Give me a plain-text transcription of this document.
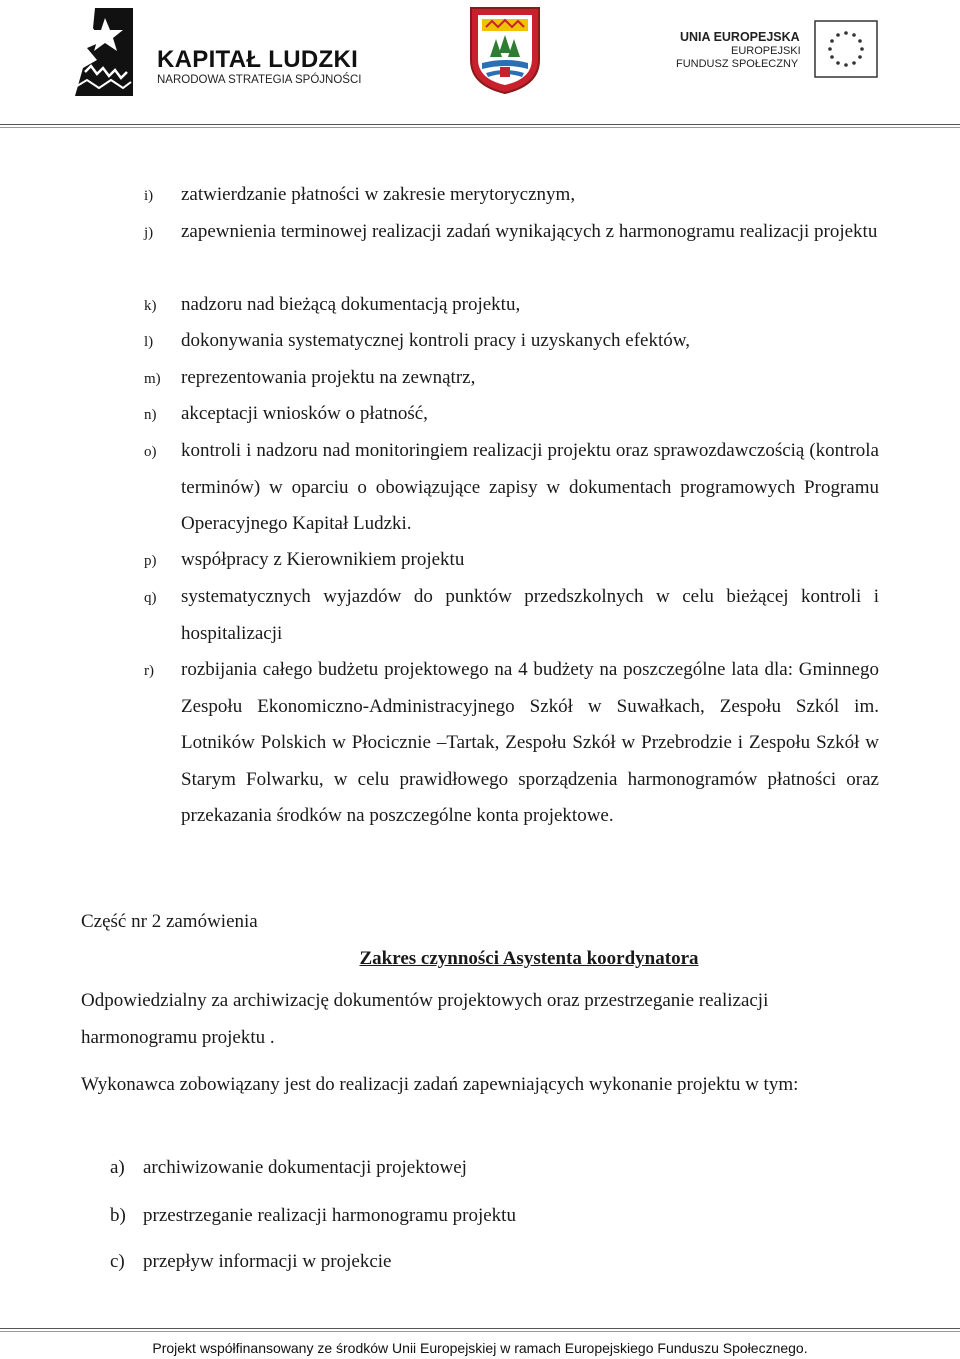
KAPITAŁ LUDZKI
NARODOWA STRATEGIA SPÓJNOŚCI
UNIA EUROPEJSKA
EUROPEJSKI
FUNDUSZ SPOŁECZNY
i) zatwierdzanie płatności w zakresie merytorycznym,
j) zapewnienia terminowej realizacji zadań wynikających z harmonogramu realizacji projektu
k) nadzoru nad bieżącą dokumentacją projektu,
l) dokonywania systematycznej kontroli pracy i uzyskanych efektów,
m) reprezentowania projektu na zewnątrz,
n) akceptacji wniosków o płatność,
o) kontroli i nadzoru nad monitoringiem realizacji projektu oraz sprawozdawczością (kontrola terminów) w oparciu o obowiązujące zapisy w dokumentach programowych Programu Operacyjnego Kapitał Ludzki.
p) współpracy z Kierownikiem projektu
q) systematycznych wyjazdów do punktów przedszkolnych w celu bieżącej kontroli i hospitalizacji
r) rozbijania całego budżetu projektowego na 4 budżety na poszczególne lata dla: Gminnego Zespołu Ekonomiczno-Administracyjnego Szkół w Suwałkach, Zespołu Szkól im. Lotników Polskich w Płocicznie –Tartak, Zespołu Szkół w Przebrodzie i Zespołu Szkół w Starym Folwarku, w celu prawidłowego sporządzenia harmonogramów płatności oraz przekazania środków na poszczególne konta projektowe.
Część nr 2 zamówienia
Zakres czynności Asystenta koordynatora
Odpowiedzialny za archiwizację dokumentów projektowych oraz przestrzeganie realizacji harmonogramu projektu .
Wykonawca zobowiązany jest do realizacji zadań zapewniających wykonanie projektu w tym:
a) archiwizowanie dokumentacji projektowej
b) przestrzeganie realizacji harmonogramu projektu
c) przepływ informacji w projekcie
Projekt współfinansowany ze środków Unii Europejskiej w ramach Europejskiego Funduszu Społecznego.
